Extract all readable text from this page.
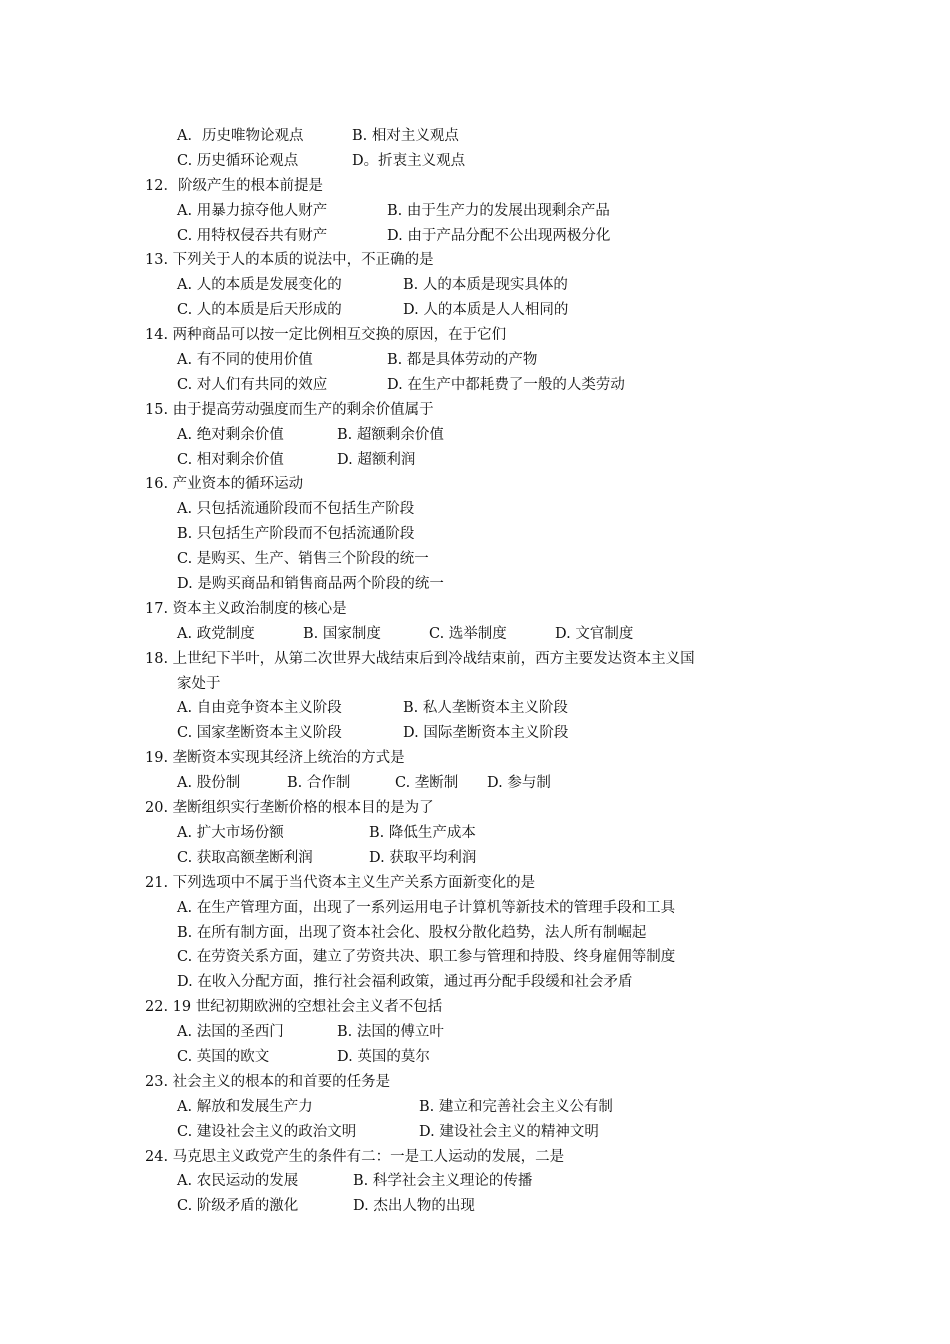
A．历史唯物论观点	B. 相对主义观点
C. 历史循环论观点	D。折衷主义观点
12．阶级产生的根本前提是
A. 用暴力掠夺他人财产	B. 由于生产力的发展出现剩余产品
C. 用特权侵吞共有财产	D. 由于产品分配不公出现两极分化
13. 下列关于人的本质的说法中，不正确的是
A. 人的本质是发展变化的	B. 人的本质是现实具体的
C. 人的本质是后天形成的	D. 人的本质是人人相同的
14. 两种商品可以按一定比例相互交换的原因，在于它们
A. 有不同的使用价值	B. 都是具体劳动的产物
C. 对人们有共同的效应	D. 在生产中都耗费了一般的人类劳动
15. 由于提高劳动强度而生产的剩余价值属于
A. 绝对剩余价值	B. 超额剩余价值
C. 相对剩余价值	D. 超额利润
16. 产业资本的循环运动
A. 只包括流通阶段而不包括生产阶段
B. 只包括生产阶段而不包括流通阶段
C. 是购买、生产、销售三个阶段的统一
D. 是购买商品和销售商品两个阶段的统一
17. 资本主义政治制度的核心是
A. 政党制度	B. 国家制度	C. 选举制度	D. 文官制度
18. 上世纪下半叶，从第二次世界大战结束后到冷战结束前，西方主要发达资本主义国
家处于
A. 自由竞争资本主义阶段	B. 私人垄断资本主义阶段
C. 国家垄断资本主义阶段	D. 国际垄断资本主义阶段
19. 垄断资本实现其经济上统治的方式是
A. 股份制	B. 合作制	C. 垄断制 D. 参与制
20. 垄断组织实行垄断价格的根本目的是为了
A. 扩大市场份额	B. 降低生产成本
C. 获取高额垄断利润	D. 获取平均利润
21. 下列选项中不属于当代资本主义生产关系方面新变化的是
A. 在生产管理方面，出现了一系列运用电子计算机等新技术的管理手段和工具
B. 在所有制方面，出现了资本社会化、股权分散化趋势，法人所有制崛起
C. 在劳资关系方面，建立了劳资共决、职工参与管理和持股、终身雇佣等制度
D. 在收入分配方面，推行社会福利政策，通过再分配手段缓和社会矛盾
22. 19 世纪初期欧洲的空想社会主义者不包括
A. 法国的圣西门	B. 法国的傅立叶
C. 英国的欧文	D. 英国的莫尔
23. 社会主义的根本的和首要的任务是
A. 解放和发展生产力	B. 建立和完善社会主义公有制
C. 建设社会主义的政治文明	D. 建设社会主义的精神文明
24. 马克思主义政党产生的条件有二：一是工人运动的发展，二是
A. 农民运动的发展	B. 科学社会主义理论的传播
C. 阶级矛盾的激化	D. 杰出人物的出现
